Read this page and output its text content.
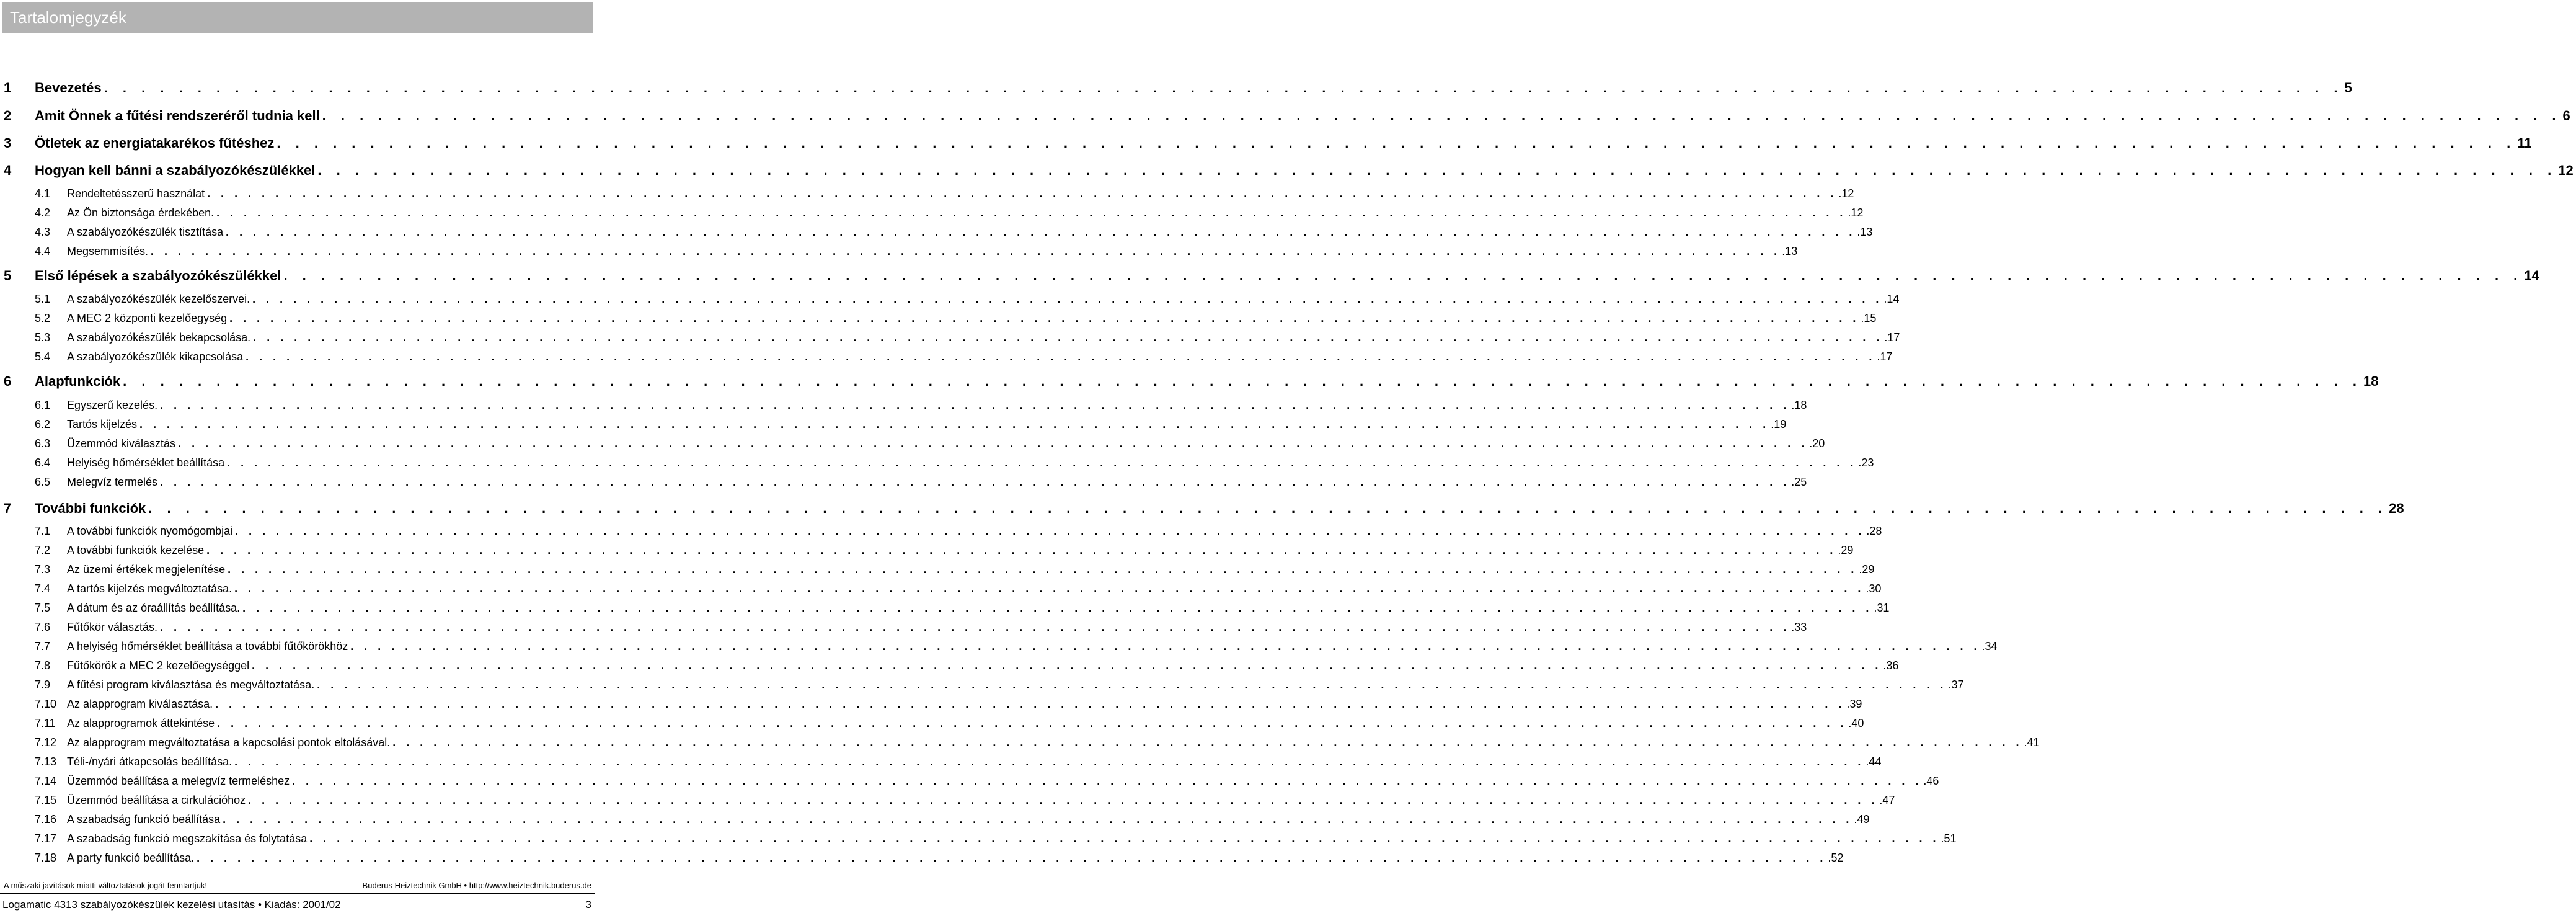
Tartalomjegyzék
1 Bevezetés . . . . . . . . . . . . . . . . . . . . . . . . . . . . . . . . . . . . . . . . . . . . . . . . . . . . . . . . . . . . . . . . . . . . . . . . . . . . . . . . . . . . . . . . . . . . . . . . . . . . . . . . . . . . . . . . . . . . . . . . 5
2 Amit Önnek a fűtési rendszeréről tudnia kell . . . . . . . . . . . . . . . . . . . . . . . . . . . . . . . . . . . . . . . . . . . . . . . . . . . . . . . . . . . . . . . . . . . . . . . . . . . . . . . . . . . . . . . . . . . . . . . . . . . . . . . . . . . . . . . . . . . . . . . . 6
3 Ötletek az energiatakarékos fűtéshez . . . . . . . . . . . . . . . . . . . . . . . . . . . . . . . . . . . . . . . . . . . . . . . . . . . . . . . . . . . . . . . . . . . . . . . . . . . . . . . . . . . . . . . . . . . . . . . . . . . . . . . . . . . . . . . . . . . . . . . . 11
4 Hogyan kell bánni a szabályozókészülékkel . . . . . . . . . . . . . . . . . . . . . . . . . . . . . . . . . . . . . . . . . . . . . . . . . . . . . . . . . . . . . . . . . . . . . . . . . . . . . . . . . . . . . . . . . . . . . . . . . . . . . . . . . . . . . . . . . . . . . . . . 12
4.1 Rendeltetésszerű használat . . . . . . . . . . . . . . . . . . . . . . . . . . . . . . . . . . . . . . . . . . . . . . . . . . . . . . . . . . . . . . . . . . . . . . . . . . . . . . . . . . . . . . . . . . . . . . . . . . . . . . . . . . . . . . . . . . . . . . . . .12
4.2 Az Ön biztonsága érdekében. . . . . . . . . . . . . . . . . . . . . . . . . . . . . . . . . . . . . . . . . . . . . . . . . . . . . . . . . . . . . . . . . . . . . . . . . . . . . . . . . . . . . . . . . . . . . . . . . . . . . . . . . . . . . . . . . . . . . . . . . .12
4.3 A szabályozókészülék tisztítása . . . . . . . . . . . . . . . . . . . . . . . . . . . . . . . . . . . . . . . . . . . . . . . . . . . . . . . . . . . . . . . . . . . . . . . . . . . . . . . . . . . . . . . . . . . . . . . . . . . . . . . . . . . . . . . . . . . . . . . . .13
4.4 Megsemmisítés. . . . . . . . . . . . . . . . . . . . . . . . . . . . . . . . . . . . . . . . . . . . . . . . . . . . . . . . . . . . . . . . . . . . . . . . . . . . . . . . . . . . . . . . . . . . . . . . . . . . . . . . . . . . . . . . . . . . . . . . . .13
5 Első lépések a szabályozókészülékkel . . . . . . . . . . . . . . . . . . . . . . . . . . . . . . . . . . . . . . . . . . . . . . . . . . . . . . . . . . . . . . . . . . . . . . . . . . . . . . . . . . . . . . . . . . . . . . . . . . . . . . . . . . . . . . . . . . . . . . . . 14
5.1 A szabályozókészülék kezelőszervei. . . . . . . . . . . . . . . . . . . . . . . . . . . . . . . . . . . . . . . . . . . . . . . . . . . . . . . . . . . . . . . . . . . . . . . . . . . . . . . . . . . . . . . . . . . . . . . . . . . . . . . . . . . . . . . . . . . . . . . . . .14
5.2 A MEC 2 központi kezelőegység . . . . . . . . . . . . . . . . . . . . . . . . . . . . . . . . . . . . . . . . . . . . . . . . . . . . . . . . . . . . . . . . . . . . . . . . . . . . . . . . . . . . . . . . . . . . . . . . . . . . . . . . . . . . . . . . . . . . . . . . .15
5.3 A szabályozókészülék bekapcsolása. . . . . . . . . . . . . . . . . . . . . . . . . . . . . . . . . . . . . . . . . . . . . . . . . . . . . . . . . . . . . . . . . . . . . . . . . . . . . . . . . . . . . . . . . . . . . . . . . . . . . . . . . . . . . . . . . . . . . . . . . .17
5.4 A szabályozókészülék kikapcsolása . . . . . . . . . . . . . . . . . . . . . . . . . . . . . . . . . . . . . . . . . . . . . . . . . . . . . . . . . . . . . . . . . . . . . . . . . . . . . . . . . . . . . . . . . . . . . . . . . . . . . . . . . . . . . . . . . . . . . . . . .17
6 Alapfunkciók . . . . . . . . . . . . . . . . . . . . . . . . . . . . . . . . . . . . . . . . . . . . . . . . . . . . . . . . . . . . . . . . . . . . . . . . . . . . . . . . . . . . . . . . . . . . . . . . . . . . . . . . . . . . . . . . . . . . . . . . 18
6.1 Egyszerű kezelés. . . . . . . . . . . . . . . . . . . . . . . . . . . . . . . . . . . . . . . . . . . . . . . . . . . . . . . . . . . . . . . . . . . . . . . . . . . . . . . . . . . . . . . . . . . . . . . . . . . . . . . . . . . . . . . . . . . . . . . . . .18
6.2 Tartós kijelzés . . . . . . . . . . . . . . . . . . . . . . . . . . . . . . . . . . . . . . . . . . . . . . . . . . . . . . . . . . . . . . . . . . . . . . . . . . . . . . . . . . . . . . . . . . . . . . . . . . . . . . . . . . . . . . . . . . . . . . . . .19
6.3 Üzemmód kiválasztás . . . . . . . . . . . . . . . . . . . . . . . . . . . . . . . . . . . . . . . . . . . . . . . . . . . . . . . . . . . . . . . . . . . . . . . . . . . . . . . . . . . . . . . . . . . . . . . . . . . . . . . . . . . . . . . . . . . . . . . . .20
6.4 Helyiség hőmérséklet beállítása . . . . . . . . . . . . . . . . . . . . . . . . . . . . . . . . . . . . . . . . . . . . . . . . . . . . . . . . . . . . . . . . . . . . . . . . . . . . . . . . . . . . . . . . . . . . . . . . . . . . . . . . . . . . . . . . . . . . . . . . .23
6.5 Melegvíz termelés . . . . . . . . . . . . . . . . . . . . . . . . . . . . . . . . . . . . . . . . . . . . . . . . . . . . . . . . . . . . . . . . . . . . . . . . . . . . . . . . . . . . . . . . . . . . . . . . . . . . . . . . . . . . . . . . . . . . . . . . .25
7 További funkciók . . . . . . . . . . . . . . . . . . . . . . . . . . . . . . . . . . . . . . . . . . . . . . . . . . . . . . . . . . . . . . . . . . . . . . . . . . . . . . . . . . . . . . . . . . . . . . . . . . . . . . . . . . . . . . . . . . . . . . . . 28
7.1 A további funkciók nyomógombjai . . . . . . . . . . . . . . . . . . . . . . . . . . . . . . . . . . . . . . . . . . . . . . . . . . . . . . . . . . . . . . . . . . . . . . . . . . . . . . . . . . . . . . . . . . . . . . . . . . . . . . . . . . . . . . . . . . . . . . . . .28
7.2 A további funkciók kezelése . . . . . . . . . . . . . . . . . . . . . . . . . . . . . . . . . . . . . . . . . . . . . . . . . . . . . . . . . . . . . . . . . . . . . . . . . . . . . . . . . . . . . . . . . . . . . . . . . . . . . . . . . . . . . . . . . . . . . . . . .29
7.3 Az üzemi értékek megjelenítése . . . . . . . . . . . . . . . . . . . . . . . . . . . . . . . . . . . . . . . . . . . . . . . . . . . . . . . . . . . . . . . . . . . . . . . . . . . . . . . . . . . . . . . . . . . . . . . . . . . . . . . . . . . . . . . . . . . . . . . . .29
7.4 A tartós kijelzés megváltoztatása. . . . . . . . . . . . . . . . . . . . . . . . . . . . . . . . . . . . . . . . . . . . . . . . . . . . . . . . . . . . . . . . . . . . . . . . . . . . . . . . . . . . . . . . . . . . . . . . . . . . . . . . . . . . . . . . . . . . . . . . . .30
7.5 A dátum és az óraállítás beállítása. . . . . . . . . . . . . . . . . . . . . . . . . . . . . . . . . . . . . . . . . . . . . . . . . . . . . . . . . . . . . . . . . . . . . . . . . . . . . . . . . . . . . . . . . . . . . . . . . . . . . . . . . . . . . . . . . . . . . . . . . .31
7.6 Fűtőkör választás. . . . . . . . . . . . . . . . . . . . . . . . . . . . . . . . . . . . . . . . . . . . . . . . . . . . . . . . . . . . . . . . . . . . . . . . . . . . . . . . . . . . . . . . . . . . . . . . . . . . . . . . . . . . . . . . . . . . . . . . . .33
7.7 A helyiség hőmérséklet beállítása a további fűtőkörökhöz . . . . . . . . . . . . . . . . . . . . . . . . . . . . . . . . . . . . . . . . . . . . . . . . . . . . . . . . . . . . . . . . . . . . . . . . . . . . . . . . . . . . . . . . . . . . . . . . . . . . . . . . . . . . . . . . . . . . . . . . .34
7.8 Fűtőkörök a MEC 2 kezelőegységgel . . . . . . . . . . . . . . . . . . . . . . . . . . . . . . . . . . . . . . . . . . . . . . . . . . . . . . . . . . . . . . . . . . . . . . . . . . . . . . . . . . . . . . . . . . . . . . . . . . . . . . . . . . . . . . . . . . . . . . . . .36
7.9 A fűtési program kiválasztása és megváltoztatása. . . . . . . . . . . . . . . . . . . . . . . . . . . . . . . . . . . . . . . . . . . . . . . . . . . . . . . . . . . . . . . . . . . . . . . . . . . . . . . . . . . . . . . . . . . . . . . . . . . . . . . . . . . . . . . . . . . . . . . . . .37
7.10 Az alapprogram kiválasztása. . . . . . . . . . . . . . . . . . . . . . . . . . . . . . . . . . . . . . . . . . . . . . . . . . . . . . . . . . . . . . . . . . . . . . . . . . . . . . . . . . . . . . . . . . . . . . . . . . . . . . . . . . . . . . . . . . . . . . . . . .39
7.11 Az alapprogramok áttekintése . . . . . . . . . . . . . . . . . . . . . . . . . . . . . . . . . . . . . . . . . . . . . . . . . . . . . . . . . . . . . . . . . . . . . . . . . . . . . . . . . . . . . . . . . . . . . . . . . . . . . . . . . . . . . . . . . . . . . . . . .40
7.12 Az alapprogram megváltoztatása a kapcsolási pontok eltolásával. . . . . . . . . . . . . . . . . . . . . . . . . . . . . . . . . . . . . . . . . . . . . . . . . . . . . . . . . . . . . . . . . . . . . . . . . . . . . . . . . . . . . . . . . . . . . . . . . . . . . . . . . . . . . . . . . . . . . . . . . .41
7.13 Téli-/nyári átkapcsolás beállítása. . . . . . . . . . . . . . . . . . . . . . . . . . . . . . . . . . . . . . . . . . . . . . . . . . . . . . . . . . . . . . . . . . . . . . . . . . . . . . . . . . . . . . . . . . . . . . . . . . . . . . . . . . . . . . . . . . . . . . . . . .44
7.14 Üzemmód beállítása a melegvíz termeléshez . . . . . . . . . . . . . . . . . . . . . . . . . . . . . . . . . . . . . . . . . . . . . . . . . . . . . . . . . . . . . . . . . . . . . . . . . . . . . . . . . . . . . . . . . . . . . . . . . . . . . . . . . . . . . . . . . . . . . . . . .46
7.15 Üzemmód beállítása a cirkulációhoz . . . . . . . . . . . . . . . . . . . . . . . . . . . . . . . . . . . . . . . . . . . . . . . . . . . . . . . . . . . . . . . . . . . . . . . . . . . . . . . . . . . . . . . . . . . . . . . . . . . . . . . . . . . . . . . . . . . . . . . . .47
7.16 A szabadság funkció beállítása . . . . . . . . . . . . . . . . . . . . . . . . . . . . . . . . . . . . . . . . . . . . . . . . . . . . . . . . . . . . . . . . . . . . . . . . . . . . . . . . . . . . . . . . . . . . . . . . . . . . . . . . . . . . . . . . . . . . . . . . .49
7.17 A szabadság funkció megszakítása és folytatása . . . . . . . . . . . . . . . . . . . . . . . . . . . . . . . . . . . . . . . . . . . . . . . . . . . . . . . . . . . . . . . . . . . . . . . . . . . . . . . . . . . . . . . . . . . . . . . . . . . . . . . . . . . . . . . . . . . . . . . . .51
7.18 A party funkció beállítása. . . . . . . . . . . . . . . . . . . . . . . . . . . . . . . . . . . . . . . . . . . . . . . . . . . . . . . . . . . . . . . . . . . . . . . . . . . . . . . . . . . . . . . . . . . . . . . . . . . . . . . . . . . . . . . . . . . . . . . . . .52
A műszaki javítások miatti változtatások jogát fenntartjuk!	Buderus Heiztechnik GmbH • http://www.heiztechnik.buderus.de
Logamatic 4313 szabályozókészülék kezelési utasítás • Kiadás: 2001/02	3
